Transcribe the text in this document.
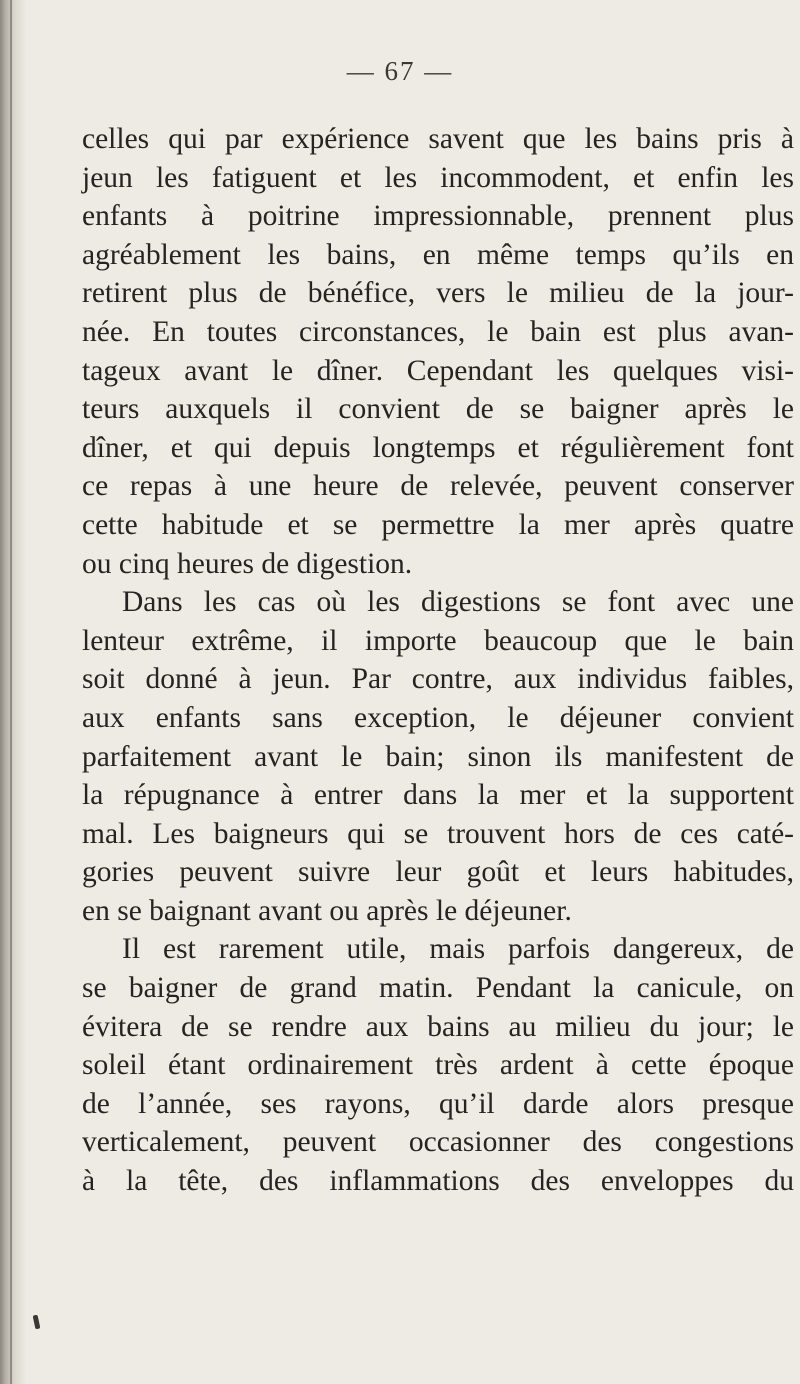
— 67 —
celles qui par expérience savent que les bains pris à
jeun les fatiguent et les incommodent, et enfin les
enfants à poitrine impressionnable, prennent plus
agréablement les bains, en même temps qu’ils en
retirent plus de bénéfice, vers le milieu de la jour-
née. En toutes circonstances, le bain est plus avan-
tageux avant le dîner. Cependant les quelques visi-
teurs auxquels il convient de se baigner après le
dîner, et qui depuis longtemps et régulièrement font
ce repas à une heure de relevée, peuvent conserver
cette habitude et se permettre la mer après quatre
ou cinq heures de digestion.
Dans les cas où les digestions se font avec une
lenteur extrême, il importe beaucoup que le bain
soit donné à jeun. Par contre, aux individus faibles,
aux enfants sans exception, le déjeuner convient
parfaitement avant le bain; sinon ils manifestent de
la répugnance à entrer dans la mer et la supportent
mal. Les baigneurs qui se trouvent hors de ces caté-
gories peuvent suivre leur goût et leurs habitudes,
en se baignant avant ou après le déjeuner.
Il est rarement utile, mais parfois dangereux, de
se baigner de grand matin. Pendant la canicule, on
évitera de se rendre aux bains au milieu du jour; le
soleil étant ordinairement très ardent à cette époque
de l’année, ses rayons, qu’il darde alors presque
verticalement, peuvent occasionner des congestions
à la tête, des inflammations des enveloppes du
